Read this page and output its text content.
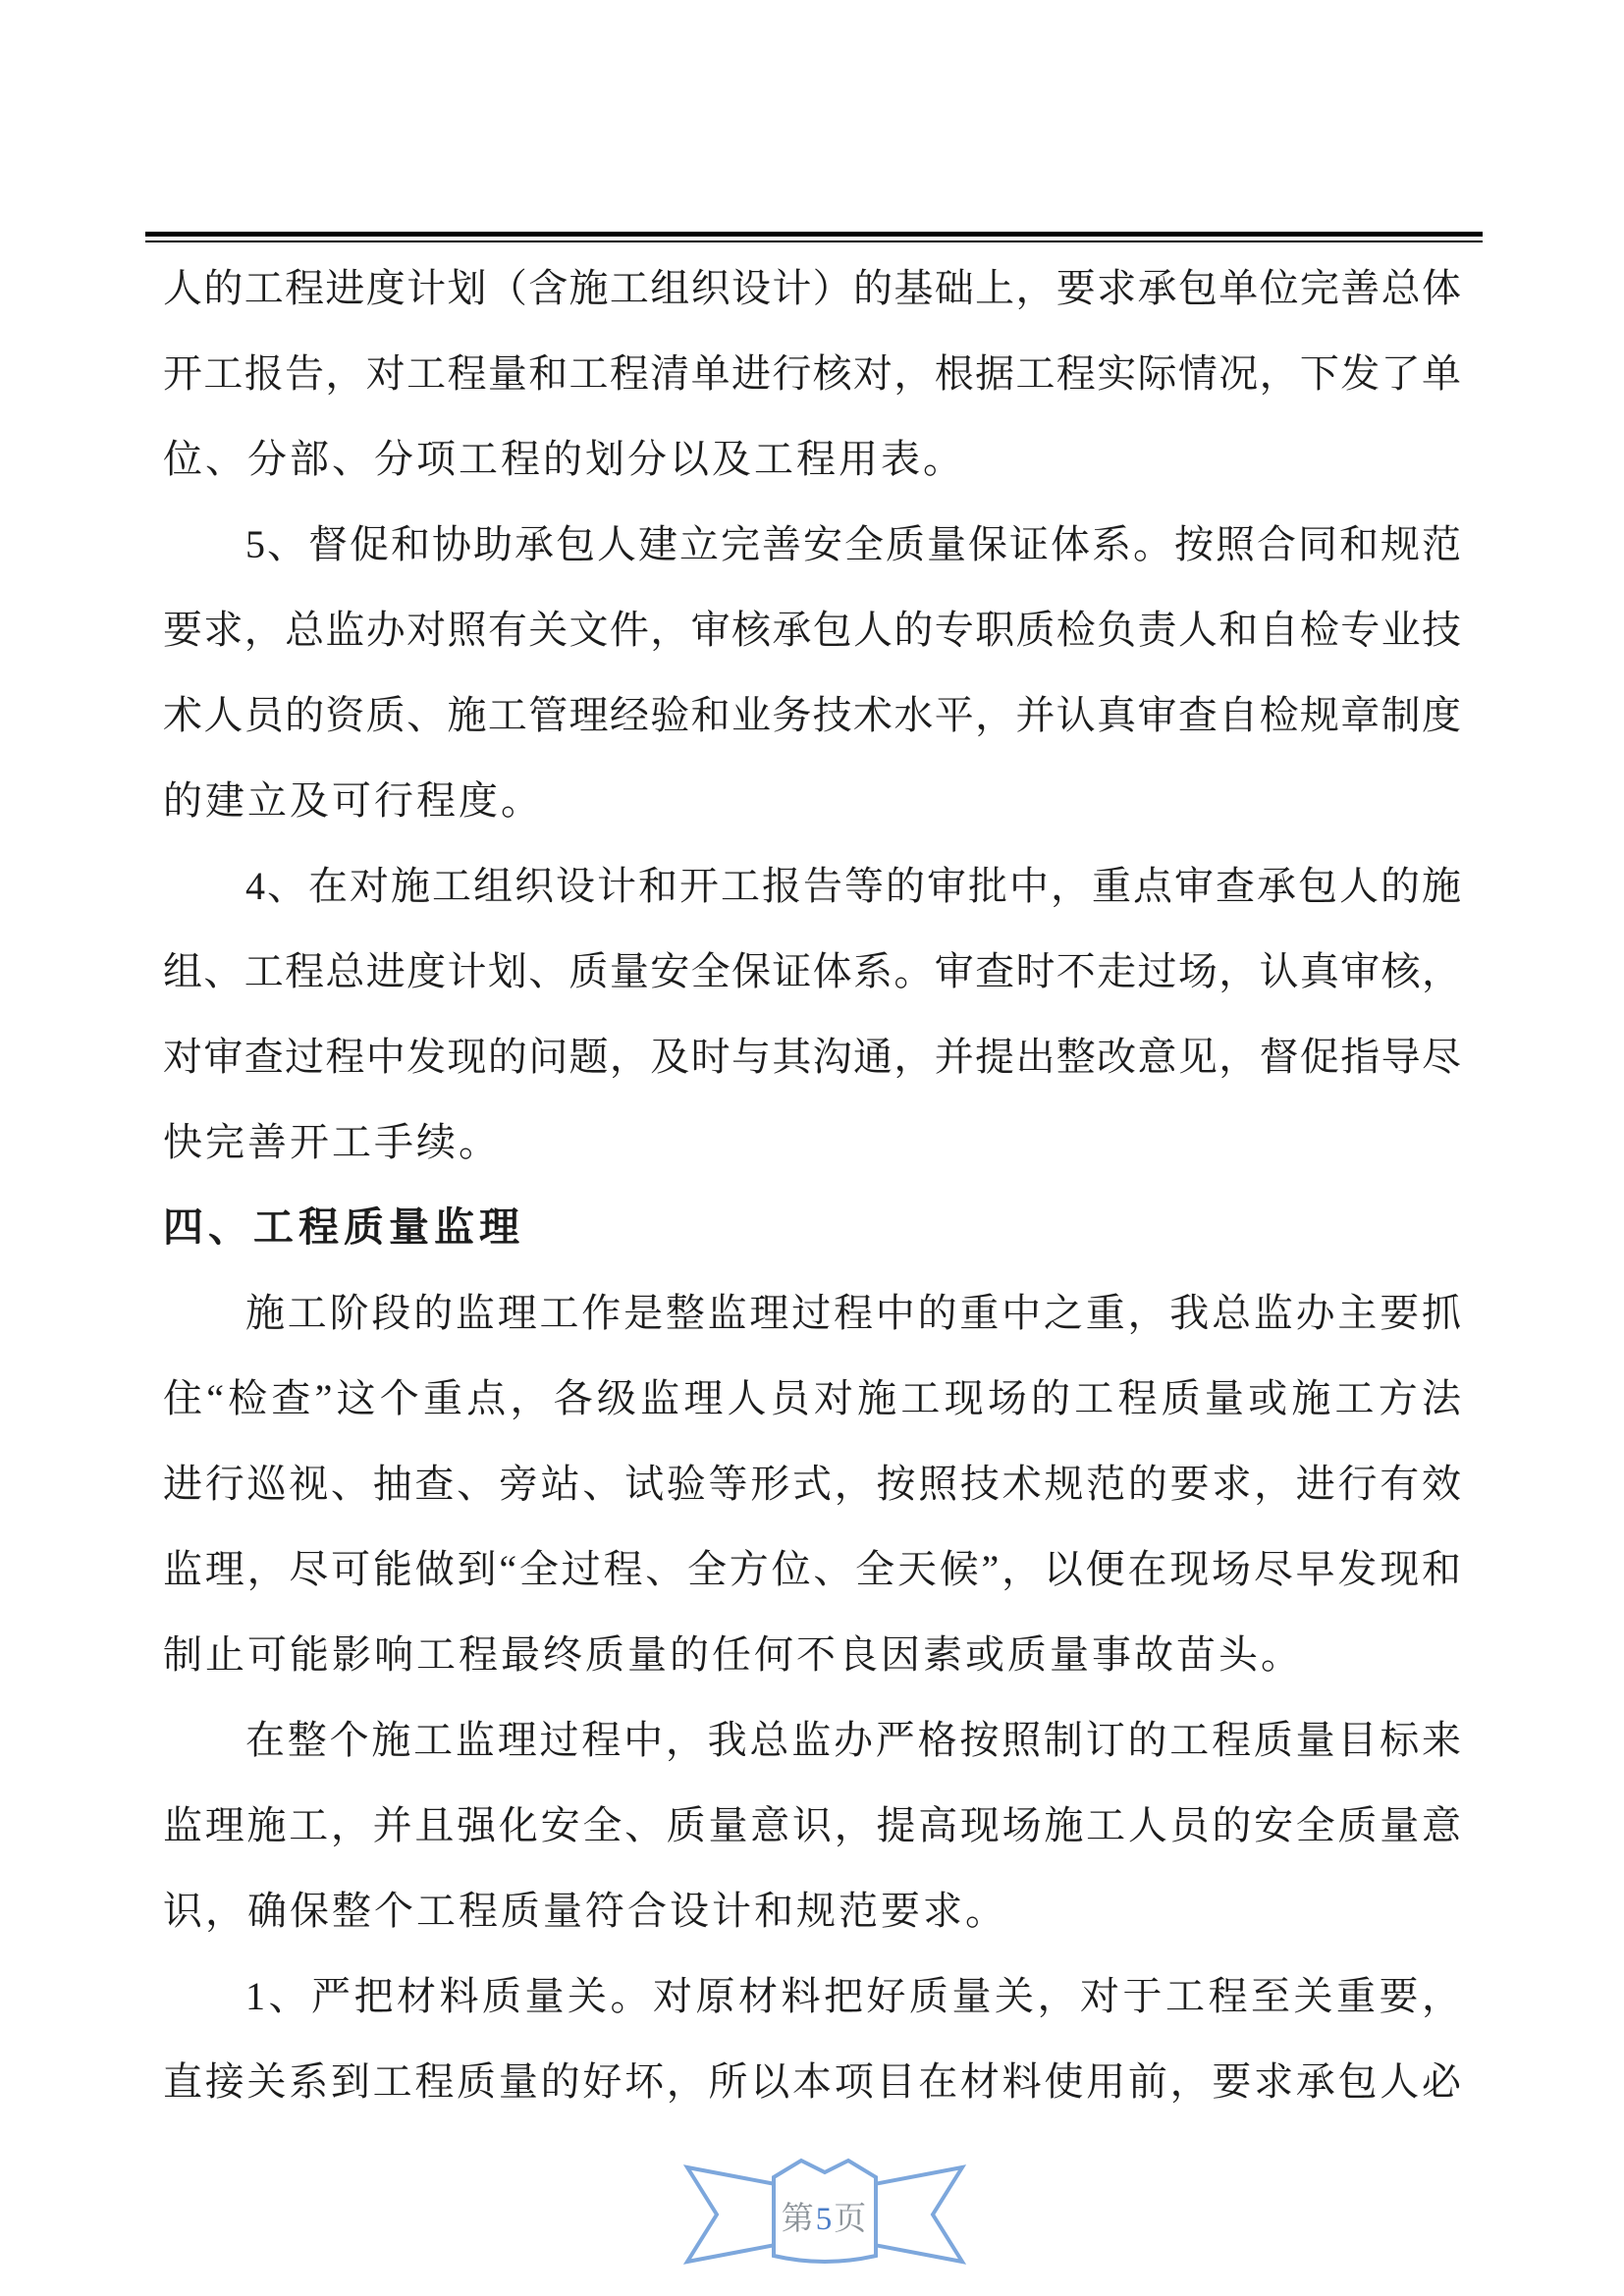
人的工程进度计划（含施工组织设计）的基础上，要求承包单位完善总体
开工报告，对工程量和工程清单进行核对，根据工程实际情况，下发了单
位、分部、分项工程的划分以及工程用表。
5、督促和协助承包人建立完善安全质量保证体系。按照合同和规范
要求，总监办对照有关文件，审核承包人的专职质检负责人和自检专业技
术人员的资质、施工管理经验和业务技术水平，并认真审查自检规章制度
的建立及可行程度。
4、在对施工组织设计和开工报告等的审批中，重点审查承包人的施
组、工程总进度计划、质量安全保证体系。审查时不走过场，认真审核，
对审查过程中发现的问题，及时与其沟通，并提出整改意见，督促指导尽
快完善开工手续。
四、工程质量监理
施工阶段的监理工作是整监理过程中的重中之重，我总监办主要抓
住“检查”这个重点，各级监理人员对施工现场的工程质量或施工方法
进行巡视、抽查、旁站、试验等形式，按照技术规范的要求，进行有效
监理，尽可能做到“全过程、全方位、全天候”，以便在现场尽早发现和
制止可能影响工程最终质量的任何不良因素或质量事故苗头。
在整个施工监理过程中，我总监办严格按照制订的工程质量目标来
监理施工，并且强化安全、质量意识，提高现场施工人员的安全质量意
识，确保整个工程质量符合设计和规范要求。
1、严把材料质量关。对原材料把好质量关，对于工程至关重要，
直接关系到工程质量的好坏，所以本项目在材料使用前，要求承包人必
第5页
